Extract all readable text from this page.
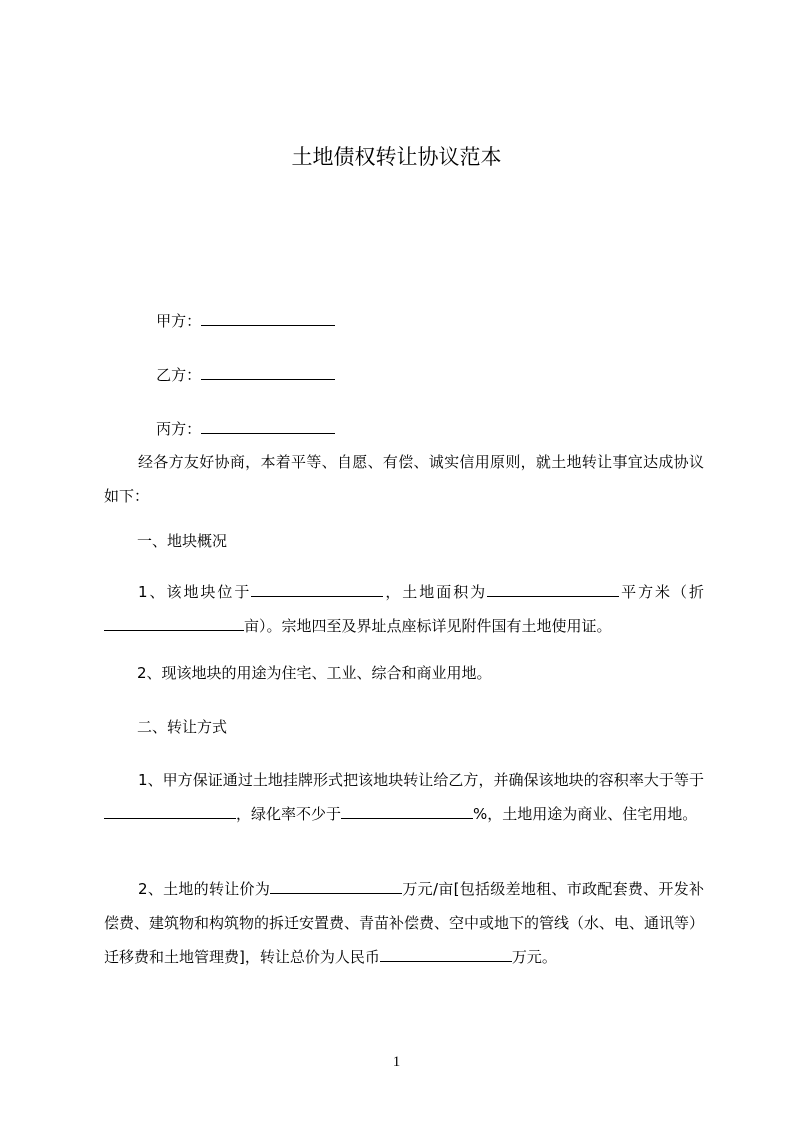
土地债权转让协议范本

甲方：

乙方：

丙方：

经各方友好协商，本着平等、自愿、有偿、诚实信用原则，就土地转让事宜达成协议如下：
一、地块概况
1、该地块位于	，土地面积为	平方米（折亩）。宗地四至及界址点座标详见附件国有土地使用证。
2、现该地块的用途为住宅、工业、综合和商业用地。
二、转让方式
1、甲方保证通过土地挂牌形式把该地块转让给乙方，并确保该地块的容积率大于等于，绿化率不少于	%，土地用途为商业、住宅用地。
2、土地的转让价为	万元/亩[包括级差地租、市政配套费、开发补偿费、建筑物和构筑物的拆迁安置费、青苗补偿费、空中或地下的管线（水、电、通讯等）迁移费和土地管理费]，转让总价为人民币	万元。
1
